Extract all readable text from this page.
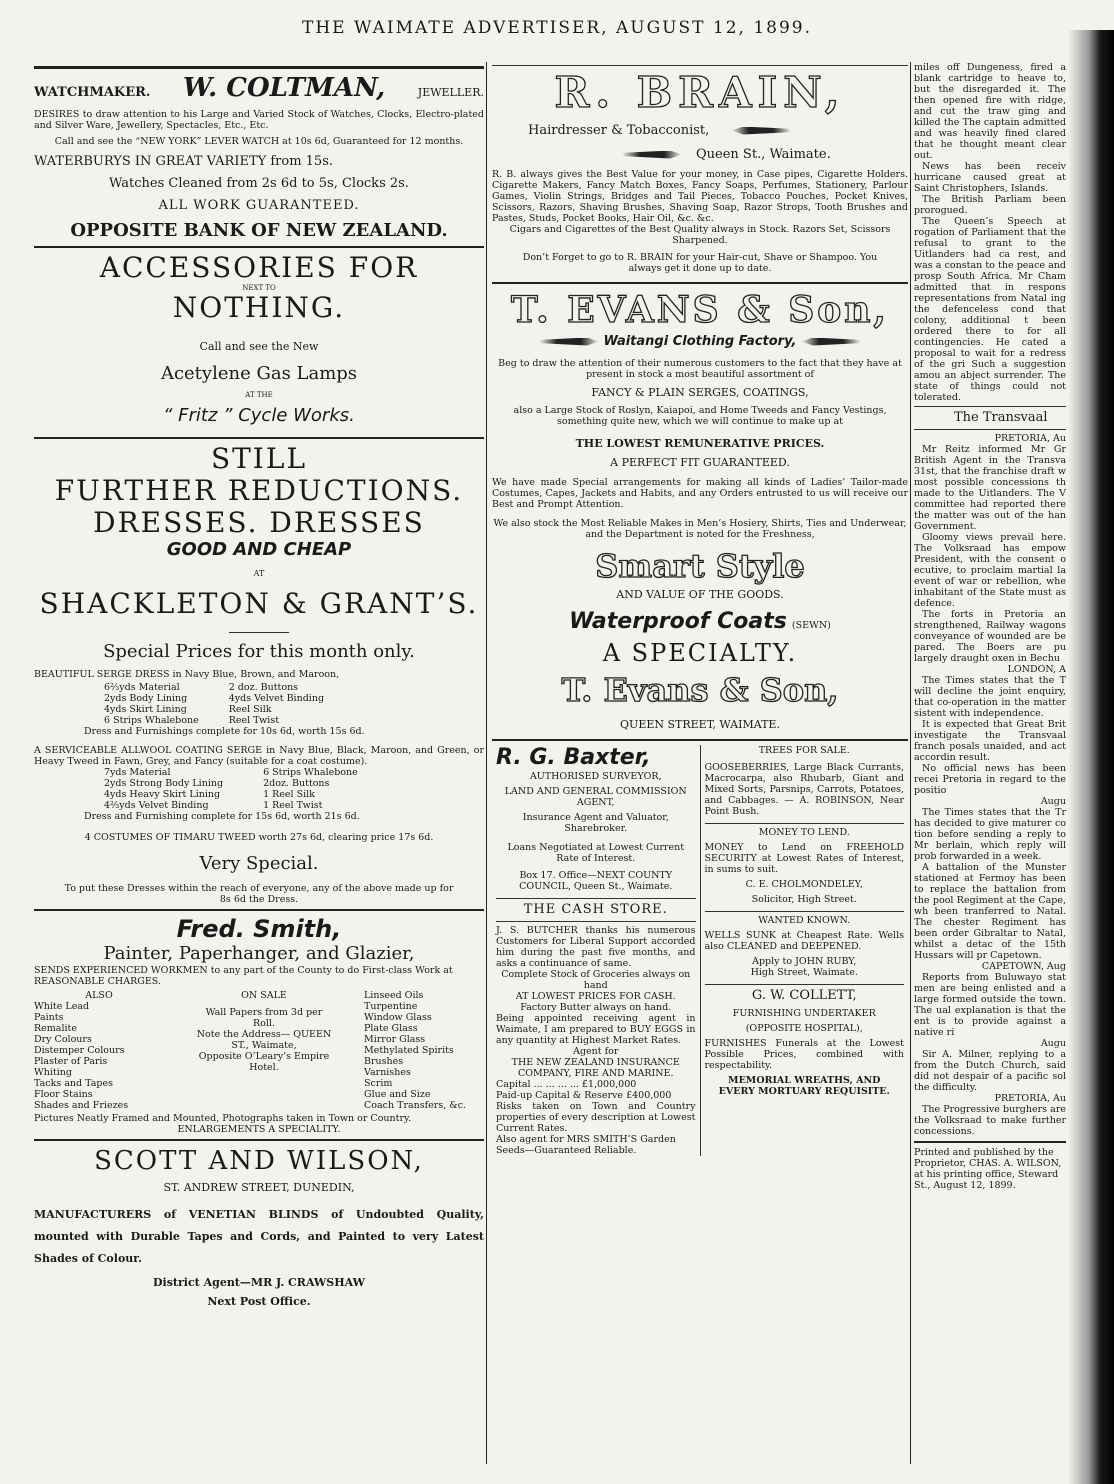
THE WAIMATE ADVERTISER, AUGUST 12, 1899.
WATCHMAKER. W. COLTMAN,	JEWELLER.

DESIRES to draw attention to his Large and Varied Stock of Watches, Clocks, Electro-plated and Silver Ware, Jewellery, Spectacles, Etc., Etc.

Call and see the “NEW YORK” LEVER WATCH at 10s 6d, Guaranteed for 12 months.

WATERBURYS IN GREAT VARIETY from 15s.

Watches Cleaned from 2s 6d to 5s, Clocks 2s.

ALL WORK GUARANTEED.

OPPOSITE BANK OF NEW ZEALAND.

ACCESSORIES FOR

NEXT TO

NOTHING.

Call and see the New

Acetylene Gas Lamps

AT THE

“ Fritz ” Cycle Works.

STILL

FURTHER REDUCTIONS.

DRESSES. DRESSES

GOOD AND CHEAP

AT

SHACKLETON & GRANT’S.

Special Prices for this month only.

BEAUTIFUL SERGE DRESS in Navy Blue, Brown, and Maroon,

6⅔yds Material
2yds Body Lining
4yds Skirt Lining
6 Strips Whalebone
2 doz. Buttons
4yds Velvet Binding
Reel Silk
Reel Twist

Dress and Furnishings complete for 10s 6d, worth 15s 6d.

A SERVICEABLE ALLWOOL COATING SERGE in Navy Blue, Black, Maroon, and Green, or Heavy Tweed in Fawn, Grey, and Fancy (suitable for a coat costume).

7yds Material
2yds Strong Body Lining
4yds Heavy Skirt Lining
4⅔yds Velvet Binding
6 Strips Whalebone
2doz. Buttons
1 Reel Silk
1 Reel Twist

Dress and Furnishing complete for 15s 6d, worth 21s 6d.

4 COSTUMES OF TIMARU TWEED worth 27s 6d, clearing price 17s 6d.

Very Special.

To put these Dresses within the reach of everyone, any of the above made up for 8s 6d the Dress.

Fred. Smith,

Painter, Paperhanger, and Glazier,

SENDS EXPERIENCED WORKMEN to any part of the County to do First-class Work at REASONABLE CHARGES.

ALSO
White Lead
Paints
Remalite
Dry Colours
Distemper Colours
Plaster of Paris
Whiting
Tacks and Tapes
Floor Stains
Shades and Friezes
ON SALE
Wall Papers from 3d per Roll.
Note the Address— QUEEN ST., Waimate,
Opposite O’Leary’s Empire Hotel.
Linseed Oils
Turpentine
Window Glass
Plate Glass
Mirror Glass
Methylated Spirits
Brushes
Varnishes
Scrim
Glue and Size
Coach Transfers, &c.

Pictures Neatly Framed and Mounted, Photographs taken in Town or Country.

ENLARGEMENTS A SPECIALITY.

SCOTT AND WILSON,

ST. ANDREW STREET, DUNEDIN,

MANUFACTURERS of VENETIAN BLINDS of Undoubted Quality, mounted with Durable Tapes and Cords, and Painted to very Latest Shades of Colour.

District Agent—MR J. CRAWSHAW

Next Post Office.

R. BRAIN,

Hairdresser & Tobacconist,

Queen St., Waimate.

R. B. always gives the Best Value for your money, in Case pipes, Cigarette Holders. Cigarette Makers, Fancy Match Boxes, Fancy Soaps, Perfumes, Stationery, Parlour Games, Violin Strings, Bridges and Tail Pieces, Tobacco Pouches, Pocket Knives, Scissors, Razors, Shaving Brushes, Shaving Soap, Razor Strops, Tooth Brushes and Pastes, Studs, Pocket Books, Hair Oil, &c. &c.

Cigars and Cigarettes of the Best Quality always in Stock. Razors Set, Scissors Sharpened.

Don’t Forget to go to R. BRAIN for your Hair-cut, Shave or Shampoo. You always get it done up to date.

T. EVANS & Son,

Waitangi Clothing Factory,

Beg to draw the attention of their numerous customers to the fact that they have at present in stock a most beautiful assortment of

FANCY & PLAIN SERGES, COATINGS,

also a Large Stock of Roslyn, Kaiapoi, and Home Tweeds and Fancy Vestings, something quite new, which we will continue to make up at

THE LOWEST REMUNERATIVE PRICES.

A PERFECT FIT GUARANTEED.

We have made Special arrangements for making all kinds of Ladies’ Tailor-made Costumes, Capes, Jackets and Habits, and any Orders entrusted to us will receive our Best and Prompt Attention.

We also stock the Most Reliable Makes in Men’s Hosiery, Shirts, Ties and Underwear, and the Department is noted for the Freshness,

Smart Style

AND VALUE OF THE GOODS.

Waterproof Coats (SEWN)

A SPECIALTY.

T. Evans & Son,

QUEEN STREET, WAIMATE.

R. G. Baxter,

AUTHORISED SURVEYOR,

LAND AND GENERAL COMMISSION AGENT,

Insurance Agent and Valuator,

Sharebroker.

Loans Negotiated at Lowest Current Rate of Interest.

Box 17. Office—NEXT COUNTY COUNCIL, Queen St., Waimate.

THE CASH STORE.

J. S. BUTCHER thanks his numerous Customers for Liberal Support accorded him during the past five months, and asks a continuance of same.

Complete Stock of Groceries always on hand

AT LOWEST PRICES FOR CASH.

Factory Butter always on hand.

Being appointed receiving agent in Waimate, I am prepared to BUY EGGS in any quantity at Highest Market Rates.

Agent for

THE NEW ZEALAND INSURANCE COMPANY, FIRE AND MARINE.

Capital ... ... ... ... £1,000,000

Paid-up Capital & Reserve £400,000

Risks taken on Town and Country properties of every description at Lowest Current Rates.

Also agent for MRS SMITH’S Garden Seeds—Guaranteed Reliable.

TREES FOR SALE.

GOOSEBERRIES, Large Black Currants, Macrocarpa, also Rhubarb, Giant and Mixed Sorts, Parsnips, Carrots, Potatoes, and Cabbages. — A. ROBINSON, Near Point Bush.

MONEY TO LEND.

MONEY to Lend on FREEHOLD SECURITY at Lowest Rates of Interest, in sums to suit.

C. E. CHOLMONDELEY,

Solicitor, High Street.

WANTED KNOWN.

WELLS SUNK at Cheapest Rate. Wells also CLEANED and DEEPENED.

Apply to JOHN RUBY,

High Street, Waimate.

G. W. COLLETT,

FURNISHING UNDERTAKER

(OPPOSITE HOSPITAL),

FURNISHES Funerals at the Lowest Possible Prices, combined with respectability.

MEMORIAL WREATHS, AND

EVERY MORTUARY REQUISITE.

miles off Dungeness, fired a blank cartridge to heave to, but the disregarded it. The then opened fire with ridge, and cut the traw ging and killed the The captain admitted and was heavily fined clared that he thought meant clear out.

News has been receiv hurricane caused great at Saint Christophers, Islands.

The British Parliam been prorogued.

The Queen’s Speech at rogation of Parliament that the refusal to grant to the Uitlanders had ca rest, and was a constan to the peace and prosp South Africa. Mr Cham admitted that in respons representations from Natal ing the defenceless cond that colony, additional t been ordered there to for all contingencies. He cated a proposal to wait for a redress of the gri Such a suggestion amou an abject surrender. The state of things could not tolerated.

The Transvaal

PRETORIA, Au

Mr Reitz informed Mr Gr British Agent in the Transva 31st, that the franchise draft w most possible concessions th made to the Uitlanders. The V committee had reported there the matter was out of the han Government.

Gloomy views prevail here. The Volksraad has empow President, with the consent o ecutive, to proclaim martial la event of war or rebellion, whe inhabitant of the State must as defence.

The forts in Pretoria an strengthened, Railway wagons conveyance of wounded are be pared. The Boers are pu largely draught oxen in Bechu

LONDON, A

The Times states that the T will decline the joint enquiry, that co-operation in the matter sistent with independence.

It is expected that Great Brit investigate the Transvaal franch posals unaided, and act accordin result.

No official news has been recei Pretoria in regard to the positio

Augu

The Times states that the Tr has decided to give maturer co tion before sending a reply to Mr berlain, which reply will prob forwarded in a week.

A battalion of the Munster stationed at Fermoy has been to replace the battalion from the pool Regiment at the Cape, wh been tranferred to Natal. The chester Regiment has been order Gibraltar to Natal, whilst a detac of the 15th Hussars will pr Capetown.

CAPETOWN, Aug

Reports from Buluwayo stat men are being enlisted and a large formed outside the town. The ual explanation is that the ent is to provide against a native ri

Augu

Sir A. Milner, replying to a from the Dutch Church, said did not despair of a pacific sol the difficulty.

PRETORIA, Au

The Progressive burghers are the Volksraad to make further concessions.

Printed and published by the Proprietor, CHAS. A. WILSON, at his printing office, Steward St., August 12, 1899.
